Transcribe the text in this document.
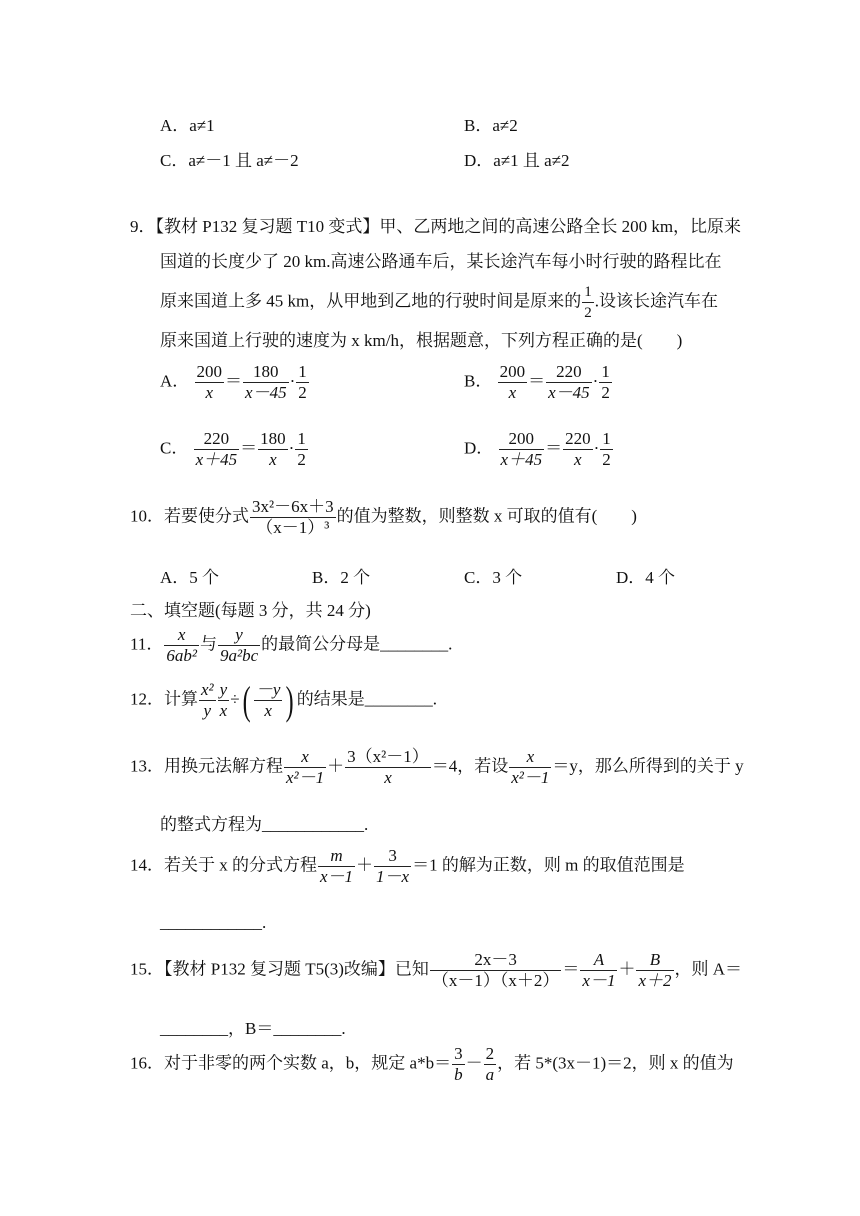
A．a≠1	B．a≠2
C．a≠－1 且 a≠－2	D．a≠1 且 a≠2
9．【教材 P132 复习题 T10 变式】甲、乙两地之间的高速公路全长 200 km，比原来
国道的长度少了 20 km.高速公路通车后，某长途汽车每小时行驶的路程比在
原来国道上多 45 km，从甲地到乙地的行驶时间是原来的 $\frac{1}{2}$ .设该长途汽车在
原来国道上行驶的速度为 x km/h，根据题意，下列方程正确的是(　　)
A． $\frac{200}{x} = \frac{180}{x-45} \cdot \frac{1}{2}$	B． $\frac{200}{x} = \frac{220}{x-45} \cdot \frac{1}{2}$
C． $\frac{220}{x+45} = \frac{180}{x} \cdot \frac{1}{2}$	D． $\frac{200}{x+45} = \frac{220}{x} \cdot \frac{1}{2}$
10．若要使分式 $\frac{\text{3x²－6x＋3}}{\text{（x－1）³}}$ 的值为整数，则整数 x 可取的值有(　　)
A．5 个	B．2 个	C．3 个	D．4 个
二、填空题(每题 3 分，共 24 分)
11． $\frac{x}{\text{6ab²}}$ 与 $\frac{y}{\text{9a²bc}}$ 的最简公分母是________.
12．计算 $\frac{\text{x²}}{y} \frac{y}{x}$ ÷( $\frac{-y}{x}$ ) 的结果是________.
13．用换元法解方程 $\frac{x}{\text{x²－1}} + \frac{\text{3（x²－1）}}{x} =4$，若设 $\frac{x}{\text{x²－1}} =y$，那么所得到的关于 y
的整式方程为____________.
14．若关于 x 的分式方程 $\frac{m}{x-1} + \frac{3}{1-x} =1$ 的解为正数，则 m 的取值范围是
____________.
15．【教材 P132 复习题 T5(3)改编】已知 $\frac{2x-3}{(x-1)(x+2)} = \frac{A}{x-1} + \frac{B}{x+2}$ ，则 A＝
________，B＝________.
16．对于非零的两个实数 a，b，规定 $a*b= \frac{3}{b} - \frac{2}{a}$ ，若 5*(3x－1)＝2，则 x 的值为
